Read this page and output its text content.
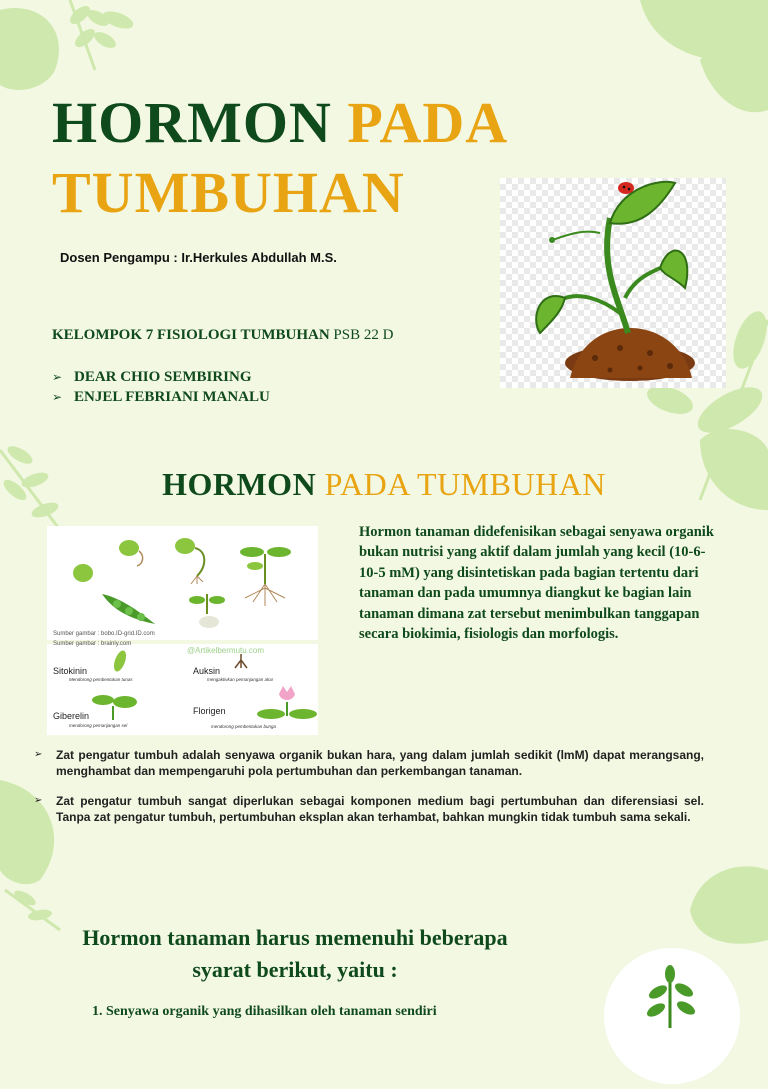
HORMON PADA
TUMBUHAN
Dosen Pengampu : Ir.Herkules Abdullah M.S.
KELOMPOK 7 FISIOLOGI TUMBUHAN PSB 22 D
➢ DEAR CHIO SEMBIRING
➢ ENJEL FEBRIANI MANALU
HORMON PADA TUMBUHAN
Sumber gambar : bobo.ID-grid.ID.com
Sumber gambar : brainly.com
@Artikelbermutu.com
Sitokinin
Mendorong pembentukan tunas
Auksin
mengaktivkan pemanjangan akar
Giberelin
mendorong pemanjangan sel
Florigen
mendorong pembentukan bunga

Hormon tanaman didefenisikan sebagai senyawa organik bukan nutrisi yang aktif dalam jumlah yang kecil (10-6-10-5 mM) yang disintetiskan pada bagian tertentu dari tanaman dan pada umumnya diangkut ke bagian lain tanaman dimana zat tersebut menimbulkan tanggapan secara biokimia, fisiologis dan morfologis.

➢	Zat pengatur tumbuh adalah senyawa organik bukan hara, yang dalam jumlah sedikit (lmM) dapat merangsang, menghambat dan mempengaruhi pola pertumbuhan dan perkembangan tanaman.
➢	Zat pengatur tumbuh sangat diperlukan sebagai komponen medium bagi pertumbuhan dan diferensiasi sel. Tanpa zat pengatur tumbuh, pertumbuhan eksplan akan terhambat, bahkan mungkin tidak tumbuh sama sekali.
Hormon tanaman harus memenuhi beberapa syarat berikut, yaitu :
1. Senyawa organik yang dihasilkan oleh tanaman sendiri
